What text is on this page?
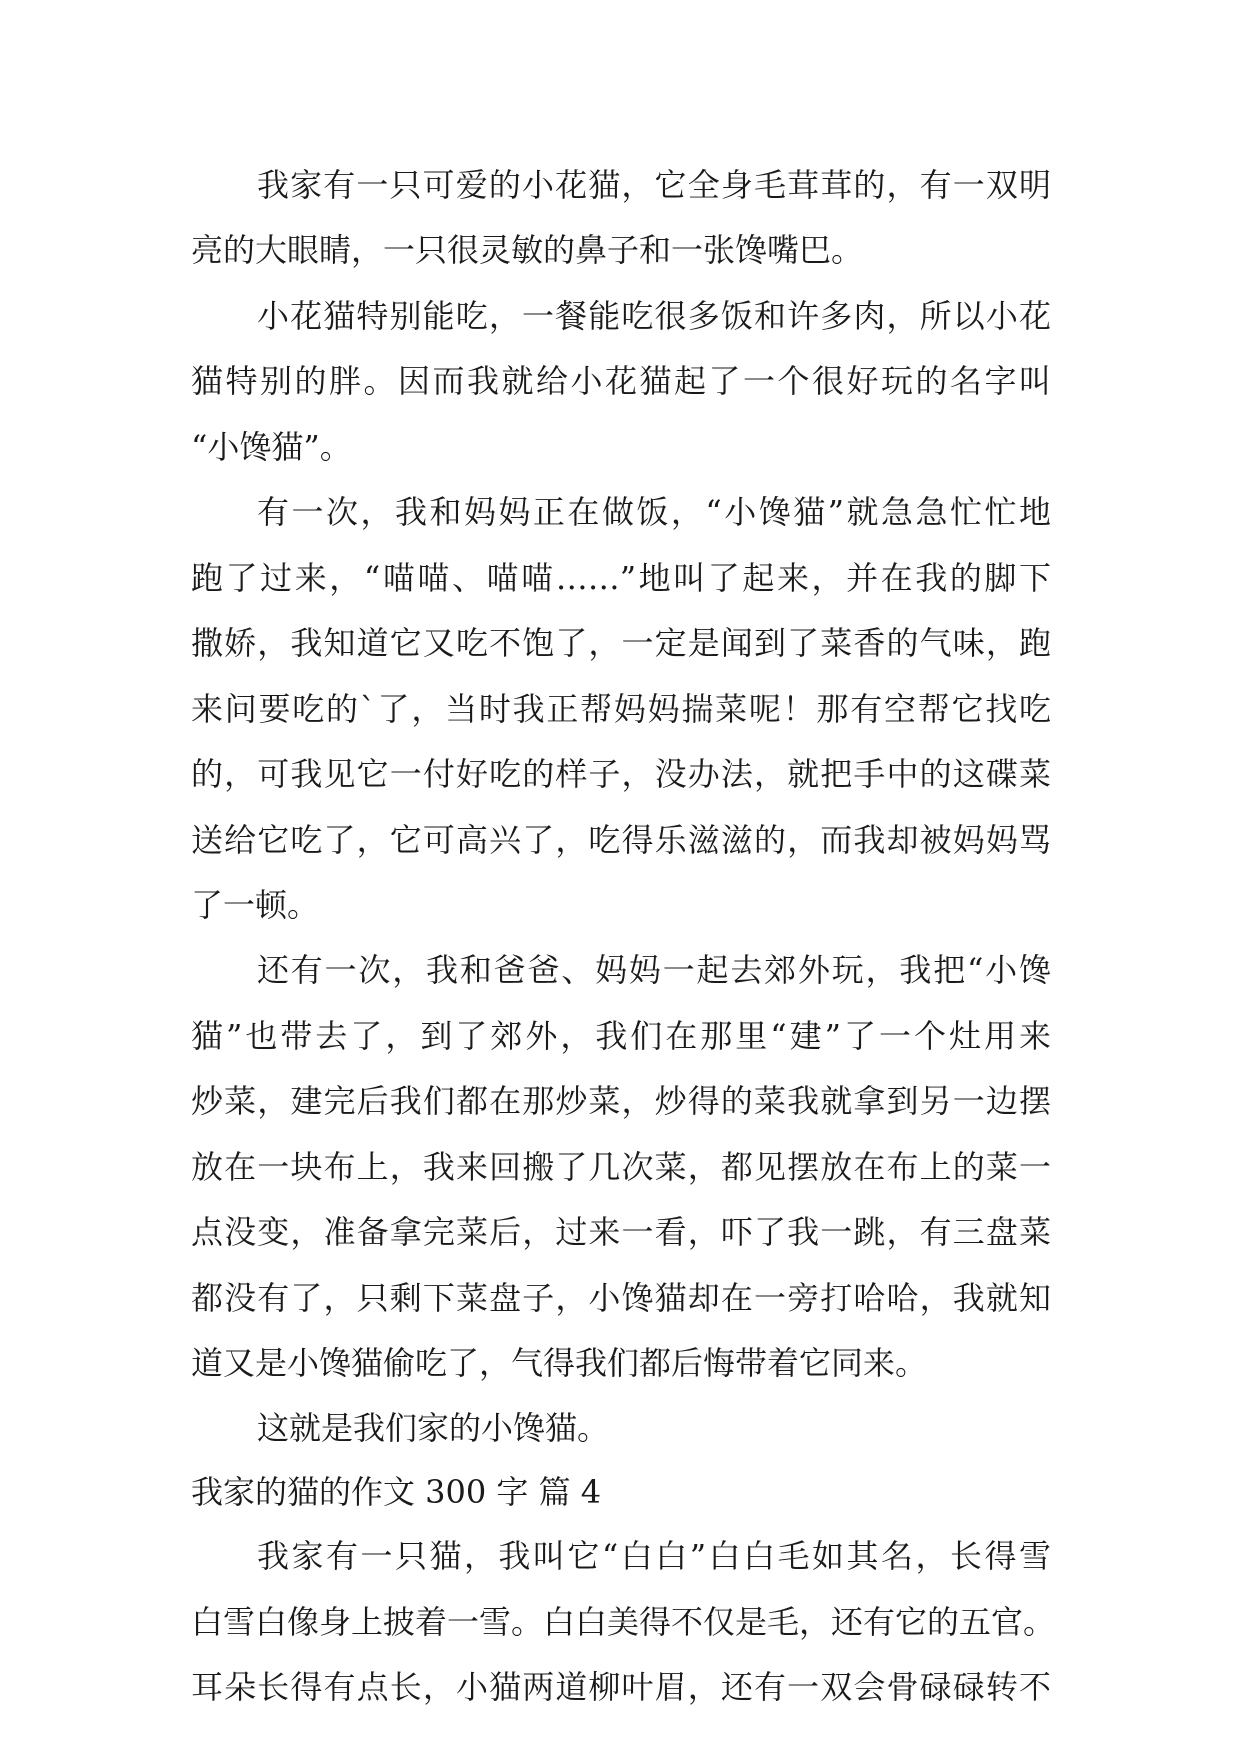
我家有一只可爱的小花猫，它全身毛茸茸的，有一双明
亮的大眼睛，一只很灵敏的鼻子和一张馋嘴巴。
小花猫特别能吃，一餐能吃很多饭和许多肉，所以小花
猫特别的胖。因而我就给小花猫起了一个很好玩的名字叫
“小馋猫”。
有一次，我和妈妈正在做饭，“小馋猫”就急急忙忙地
跑了过来，“喵喵、喵喵……”地叫了起来，并在我的脚下
撒娇，我知道它又吃不饱了，一定是闻到了菜香的气味，跑
来问要吃的`了，当时我正帮妈妈揣菜呢！那有空帮它找吃
的，可我见它一付好吃的样子，没办法，就把手中的这碟菜
送给它吃了，它可高兴了，吃得乐滋滋的，而我却被妈妈骂
了一顿。
还有一次，我和爸爸、妈妈一起去郊外玩，我把“小馋
猫”也带去了，到了郊外，我们在那里“建”了一个灶用来
炒菜，建完后我们都在那炒菜，炒得的菜我就拿到另一边摆
放在一块布上，我来回搬了几次菜，都见摆放在布上的菜一
点没变，准备拿完菜后，过来一看，吓了我一跳，有三盘菜
都没有了，只剩下菜盘子，小馋猫却在一旁打哈哈，我就知
道又是小馋猫偷吃了，气得我们都后悔带着它同来。
这就是我们家的小馋猫。
我家的猫的作文 300 字 篇 4
我家有一只猫，我叫它“白白”白白毛如其名，长得雪
白雪白像身上披着一雪。白白美得不仅是毛，还有它的五官。
耳朵长得有点长，小猫两道柳叶眉，还有一双会骨碌碌转不
